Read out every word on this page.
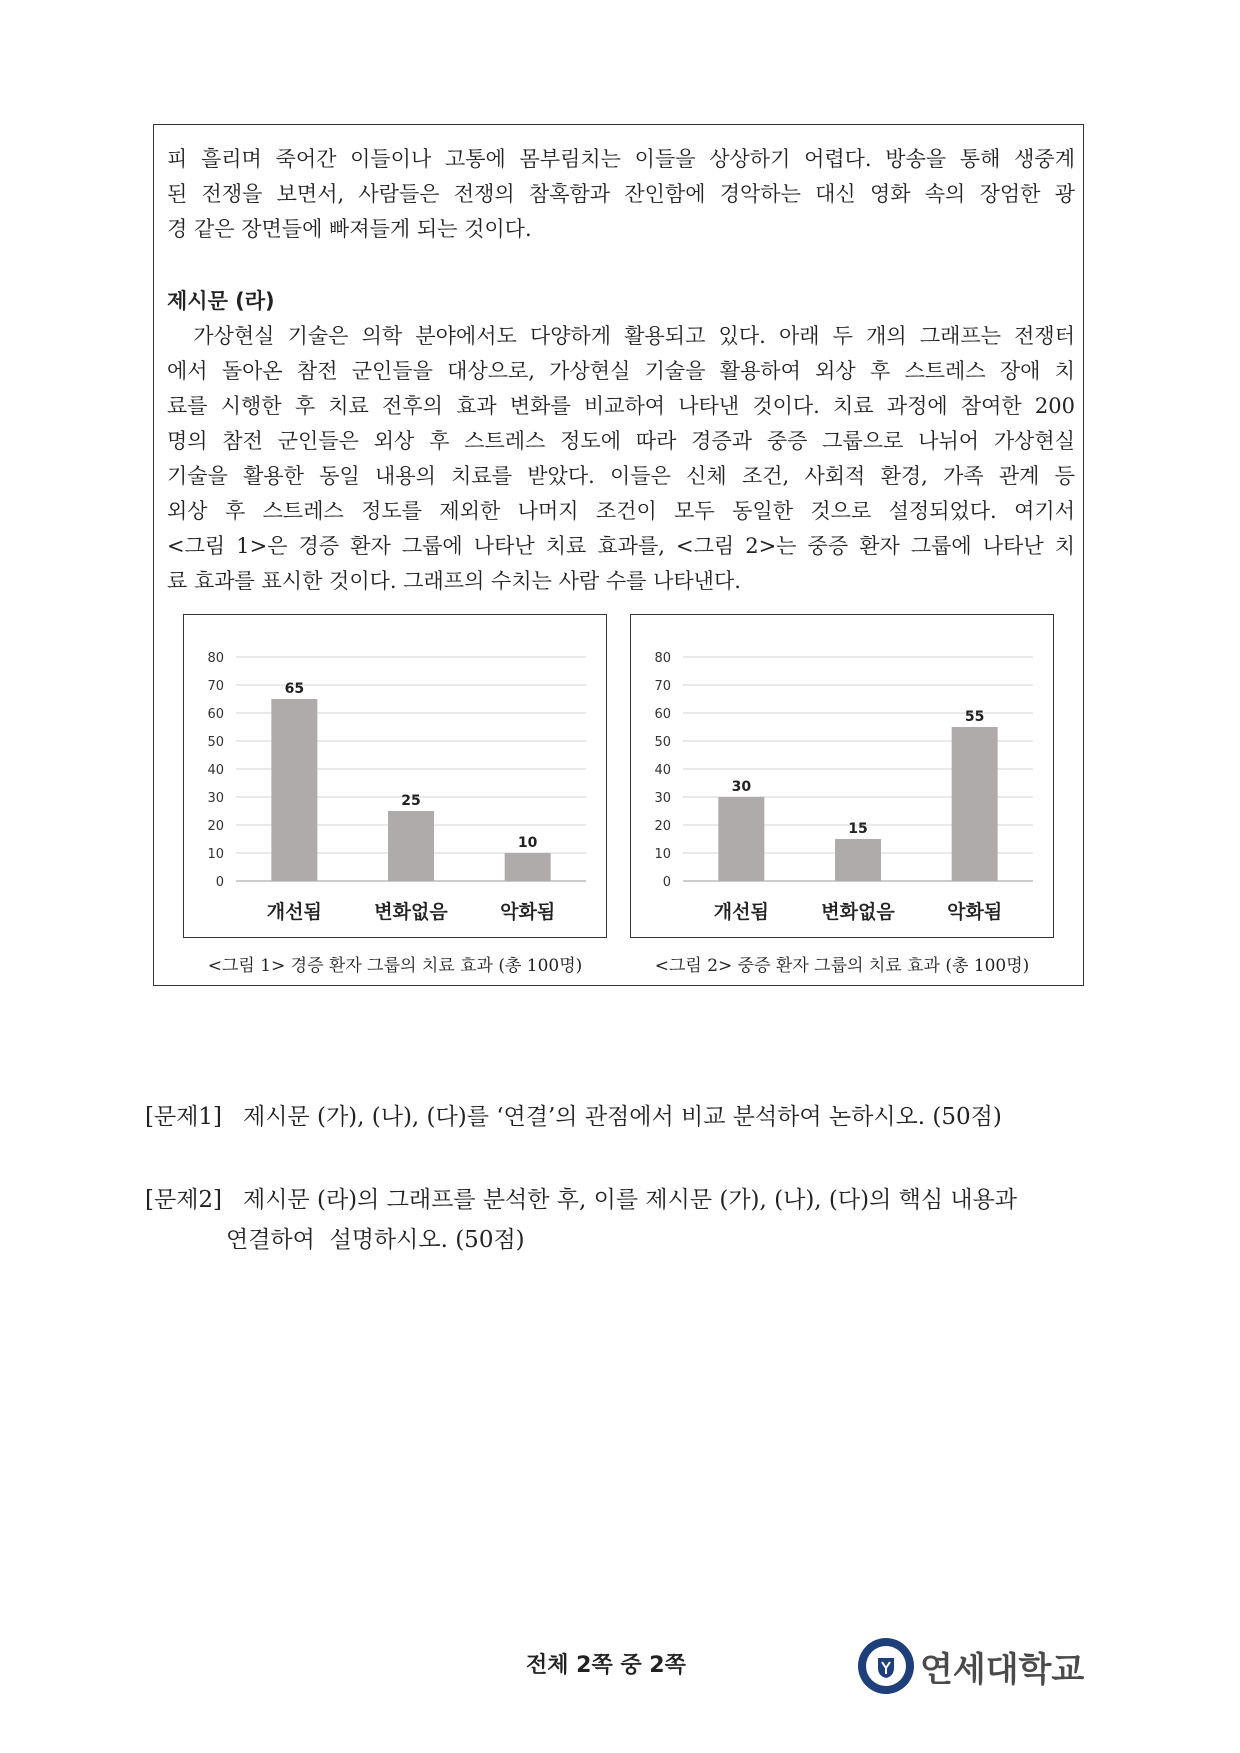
피 흘리며 죽어간 이들이나 고통에 몸부림치는 이들을 상상하기 어렵다. 방송을 통해 생중계
된 전쟁을 보면서, 사람들은 전쟁의 참혹함과 잔인함에 경악하는 대신 영화 속의 장엄한 광
경 같은 장면들에 빠져들게 되는 것이다.
제시문 (라)
가상현실 기술은 의학 분야에서도 다양하게 활용되고 있다. 아래 두 개의 그래프는 전쟁터
에서 돌아온 참전 군인들을 대상으로, 가상현실 기술을 활용하여 외상 후 스트레스 장애 치
료를 시행한 후 치료 전후의 효과 변화를 비교하여 나타낸 것이다. 치료 과정에 참여한 200
명의 참전 군인들은 외상 후 스트레스 정도에 따라 경증과 중증 그룹으로 나뉘어 가상현실
기술을 활용한 동일 내용의 치료를 받았다. 이들은 신체 조건, 사회적 환경, 가족 관계 등
외상 후 스트레스 정도를 제외한 나머지 조건이 모두 동일한 것으로 설정되었다. 여기서
<그림 1>은 경증 환자 그룹에 나타난 치료 효과를, <그림 2>는 중증 환자 그룹에 나타난 치
료 효과를 표시한 것이다. 그래프의 수치는 사람 수를 나타낸다.
0
10
20
30
40
50
60
70
80
65
개선됨
25
변화없음
10
악화됨
<그림 1> 경증 환자 그룹의 치료 효과 (총 100명)
0
10
20
30
40
50
60
70
80
30
개선됨
15
변화없음
55
악화됨
<그림 2> 중증 환자 그룹의 치료 효과 (총 100명)

[문제1] 제시문 (가), (나), (다)를 ‘연결’의 관점에서 비교 분석하여 논하시오. (50점)

[문제2] 제시문 (라)의 그래프를 분석한 후, 이를 제시문 (가), (나), (다)의 핵심 내용과
연결하여  설명하시오. (50점)

전체 2쪽 중 2쪽	연세대학교
